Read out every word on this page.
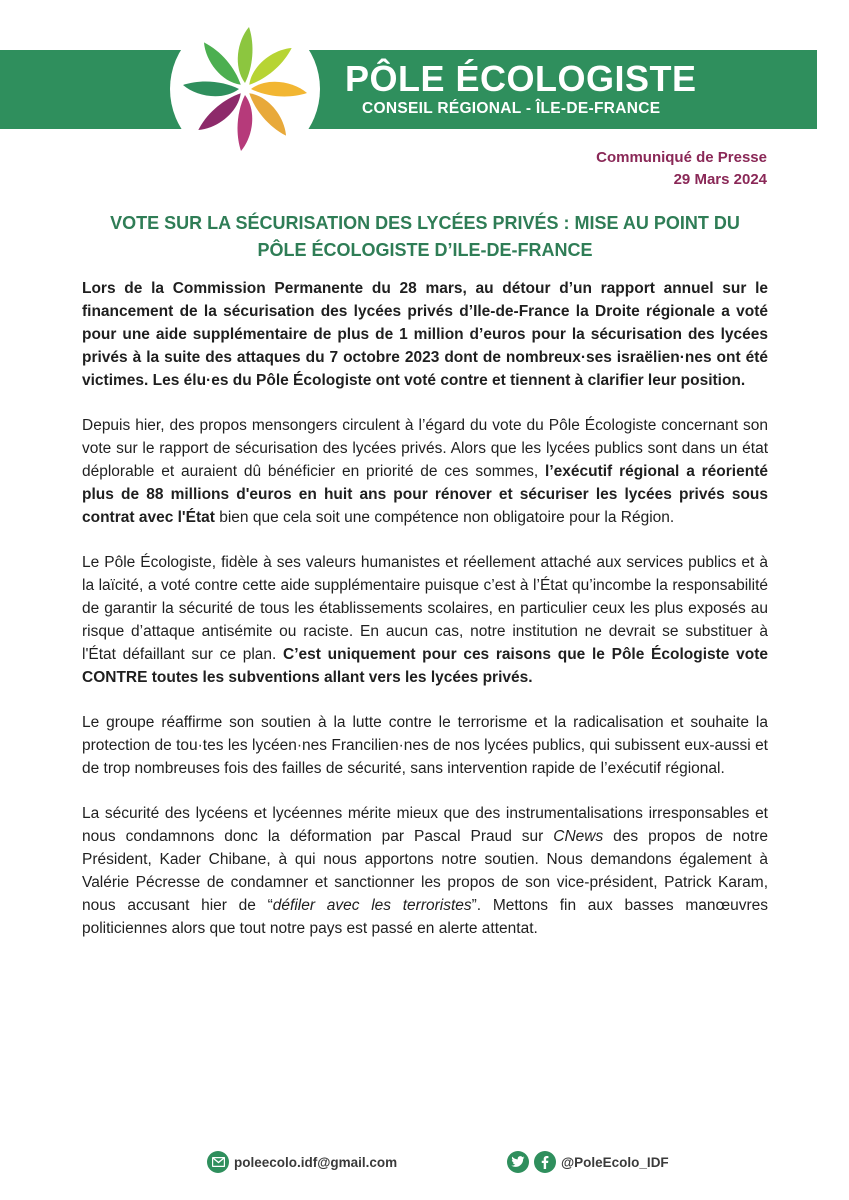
PÔLE ÉCOLOGISTE
CONSEIL RÉGIONAL - ÎLE-DE-FRANCE
Communiqué de Presse
29 Mars 2024
VOTE SUR LA SÉCURISATION DES LYCÉES PRIVÉS : MISE AU POINT DU
PÔLE ÉCOLOGISTE D’ILE-DE-FRANCE

Lors de la Commission Permanente du 28 mars, au détour d’un rapport annuel sur le financement de la sécurisation des lycées privés d’Ile-de-France la Droite régionale a voté pour une aide supplémentaire de plus de 1 million d’euros pour la sécurisation des lycées privés à la suite des attaques du 7 octobre 2023 dont de nombreux·ses israëlien·nes ont été victimes. Les élu·es du Pôle Écologiste ont voté contre et tiennent à clarifier leur position.

Depuis hier, des propos mensongers circulent à l’égard du vote du Pôle Écologiste concernant son vote sur le rapport de sécurisation des lycées privés. Alors que les lycées publics sont dans un état déplorable et auraient dû bénéficier en priorité de ces sommes, l’exécutif régional a réorienté plus de 88 millions d'euros en huit ans pour rénover et sécuriser les lycées privés sous contrat avec l'État bien que cela soit une compétence non obligatoire pour la Région.

Le Pôle Écologiste, fidèle à ses valeurs humanistes et réellement attaché aux services publics et à la laïcité, a voté contre cette aide supplémentaire puisque c’est à l’État qu’incombe la responsabilité de garantir la sécurité de tous les établissements scolaires, en particulier ceux les plus exposés au risque d’attaque antisémite ou raciste. En aucun cas, notre institution ne devrait se substituer à l'État défaillant sur ce plan. C’est uniquement pour ces raisons que le Pôle Écologiste vote CONTRE toutes les subventions allant vers les lycées privés.

Le groupe réaffirme son soutien à la lutte contre le terrorisme et la radicalisation et souhaite la protection de tou·tes les lycéen·nes Francilien·nes de nos lycées publics, qui subissent eux-aussi et de trop nombreuses fois des failles de sécurité, sans intervention rapide de l’exécutif régional.

La sécurité des lycéens et lycéennes mérite mieux que des instrumentalisations irresponsables et nous condamnons donc la déformation par Pascal Praud sur CNews des propos de notre Président, Kader Chibane, à qui nous apportons notre soutien. Nous demandons également à Valérie Pécresse de condamner et sanctionner les propos de son vice-président, Patrick Karam, nous accusant hier de “défiler avec les terroristes”. Mettons fin aux basses manœuvres politiciennes alors que tout notre pays est passé en alerte attentat.

poleecolo.idf@gmail.com	@PoleEcolo_IDF
